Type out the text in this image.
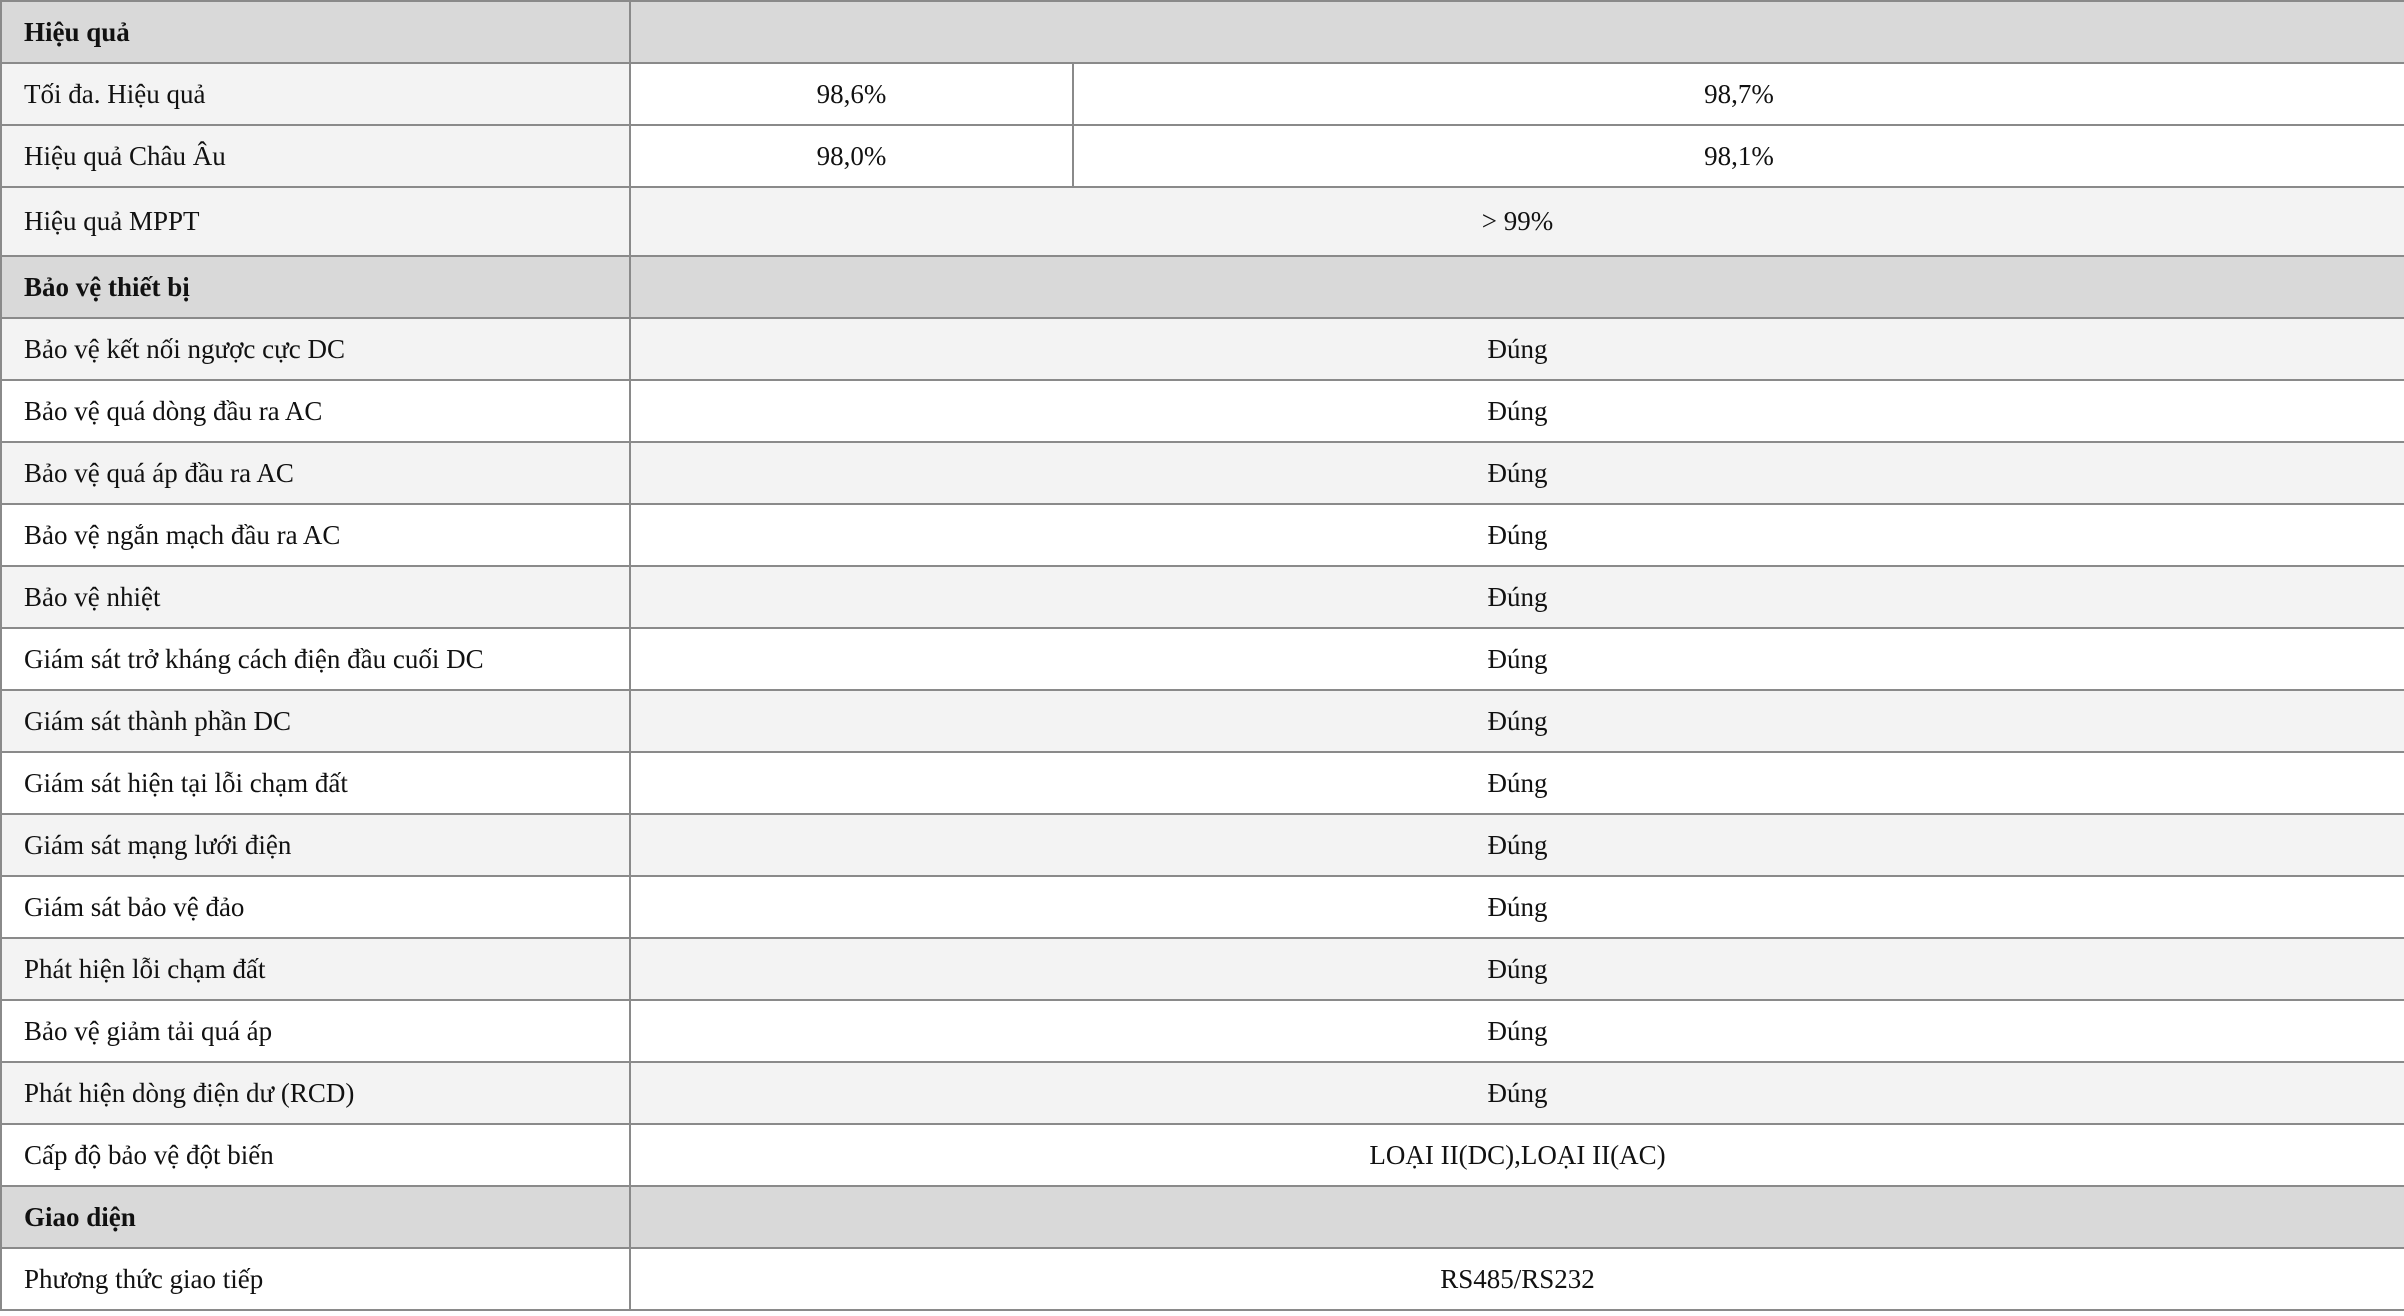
Hiệu quả		
Tối đa. Hiệu quả	98,6%	98,7%
Hiệu quả Châu Âu	98,0%	98,1%
Hiệu quả MPPT	> 99%	
Bảo vệ thiết bị		
Bảo vệ kết nối ngược cực DC	Đúng	
Bảo vệ quá dòng đầu ra AC	Đúng	
Bảo vệ quá áp đầu ra AC	Đúng	
Bảo vệ ngắn mạch đầu ra AC	Đúng	
Bảo vệ nhiệt	Đúng	
Giám sát trở kháng cách điện đầu cuối DC	Đúng	
Giám sát thành phần DC	Đúng	
Giám sát hiện tại lỗi chạm đất	Đúng	
Giám sát mạng lưới điện	Đúng	
Giám sát bảo vệ đảo	Đúng	
Phát hiện lỗi chạm đất	Đúng	
Bảo vệ giảm tải quá áp	Đúng	
Phát hiện dòng điện dư (RCD)	Đúng	
Cấp độ bảo vệ đột biến	LOẠI II(DC),LOẠI II(AC)	
Giao diện		
Phương thức giao tiếp	RS485/RS232	
